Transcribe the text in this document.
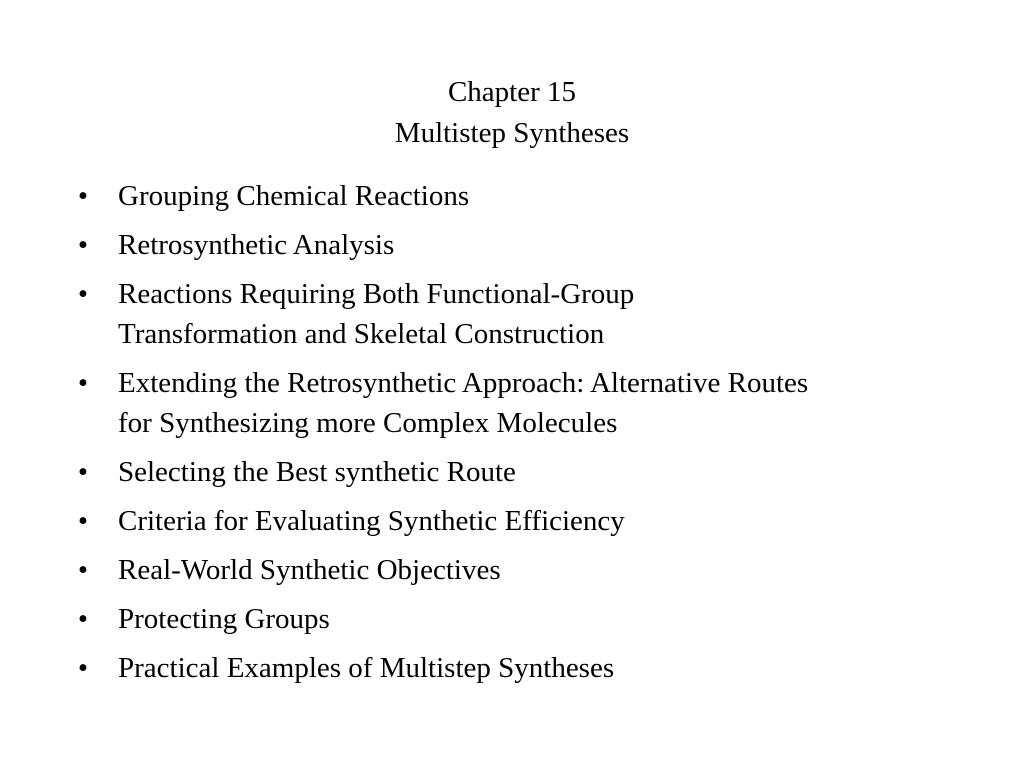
Chapter 15
Multistep Syntheses
• Grouping Chemical Reactions
• Retrosynthetic Analysis
• Reactions Requiring Both Functional-Group
Transformation and Skeletal Construction
• Extending the Retrosynthetic Approach: Alternative Routes
for Synthesizing more Complex Molecules
• Selecting the Best synthetic Route
• Criteria for Evaluating Synthetic Efficiency
• Real-World Synthetic Objectives
• Protecting Groups
• Practical Examples of Multistep Syntheses
